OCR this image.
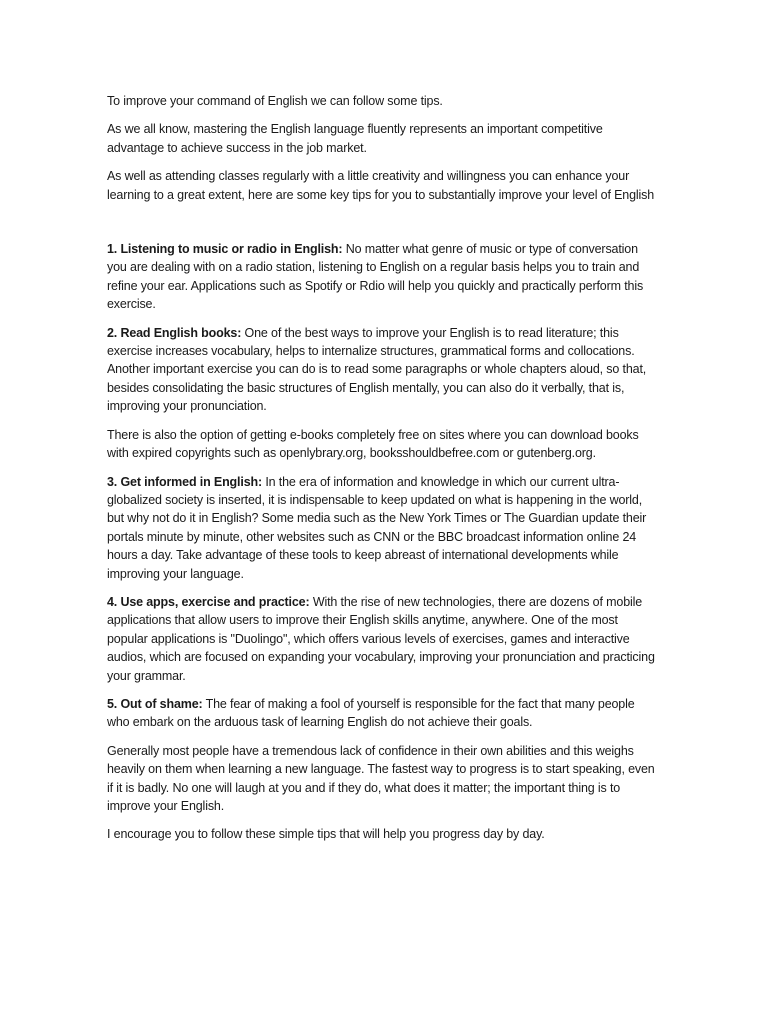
To improve your command of English we can follow some tips.

As we all know, mastering the English language fluently represents an important competitive advantage to achieve success in the job market.

As well as attending classes regularly with a little creativity and willingness you can enhance your learning to a great extent, here are some key tips for you to substantially improve your level of English

1. Listening to music or radio in English: No matter what genre of music or type of conversation you are dealing with on a radio station, listening to English on a regular basis helps you to train and refine your ear. Applications such as Spotify or Rdio will help you quickly and practically perform this exercise.

2. Read English books: One of the best ways to improve your English is to read literature; this exercise increases vocabulary, helps to internalize structures, grammatical forms and collocations. Another important exercise you can do is to read some paragraphs or whole chapters aloud, so that, besides consolidating the basic structures of English mentally, you can also do it verbally, that is, improving your pronunciation.

There is also the option of getting e-books completely free on sites where you can download books with expired copyrights such as openlybrary.org, booksshouldbefree.com or gutenberg.org.

3. Get informed in English: In the era of information and knowledge in which our current ultra-globalized society is inserted, it is indispensable to keep updated on what is happening in the world, but why not do it in English? Some media such as the New York Times or The Guardian update their portals minute by minute, other websites such as CNN or the BBC broadcast information online 24 hours a day. Take advantage of these tools to keep abreast of international developments while improving your language.

4. Use apps, exercise and practice: With the rise of new technologies, there are dozens of mobile applications that allow users to improve their English skills anytime, anywhere. One of the most popular applications is "Duolingo", which offers various levels of exercises, games and interactive audios, which are focused on expanding your vocabulary, improving your pronunciation and practicing your grammar.

5. Out of shame: The fear of making a fool of yourself is responsible for the fact that many people who embark on the arduous task of learning English do not achieve their goals.

Generally most people have a tremendous lack of confidence in their own abilities and this weighs heavily on them when learning a new language. The fastest way to progress is to start speaking, even if it is badly. No one will laugh at you and if they do, what does it matter; the important thing is to improve your English.

I encourage you to follow these simple tips that will help you progress day by day.
